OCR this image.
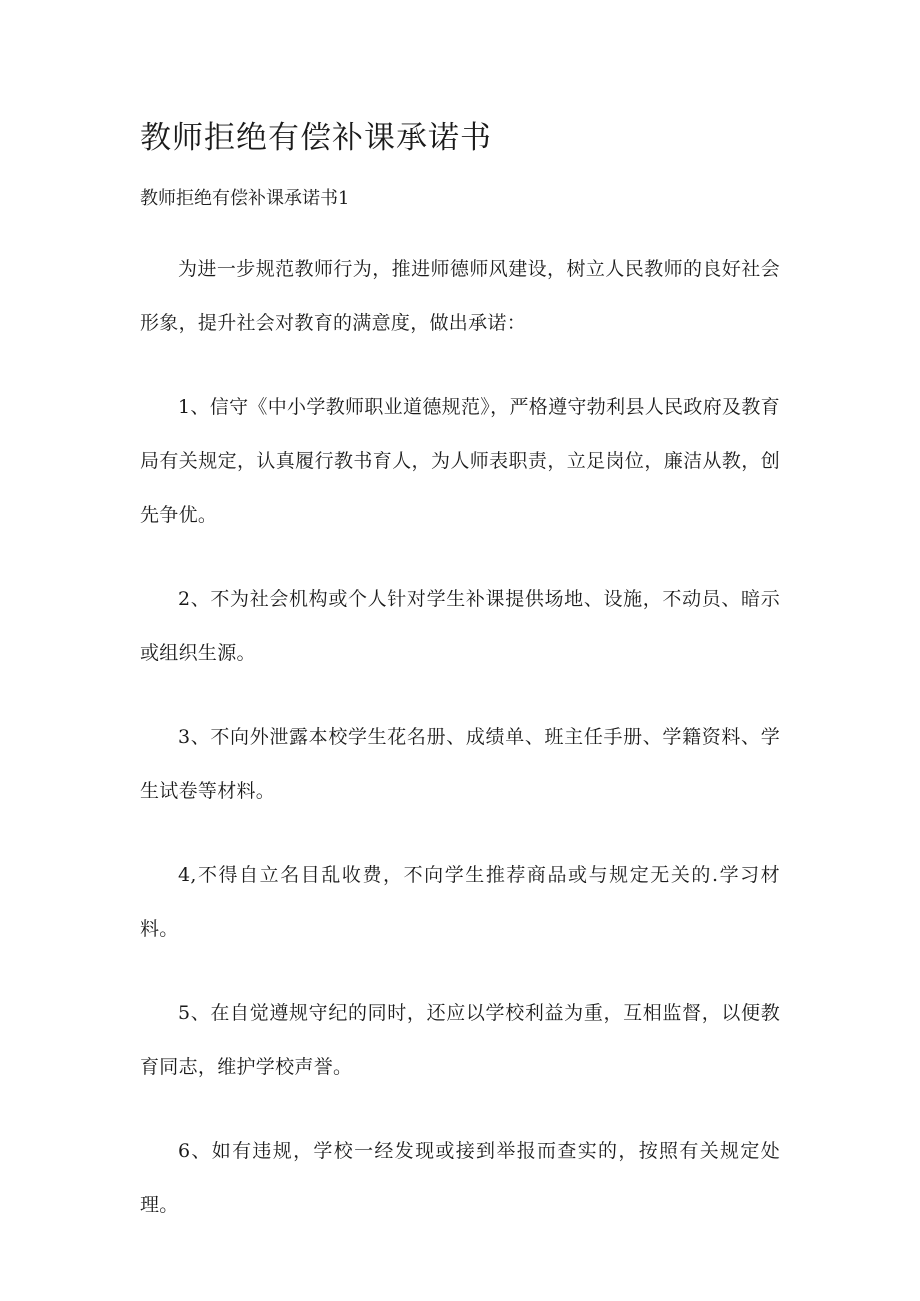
教师拒绝有偿补课承诺书

教师拒绝有偿补课承诺书1

为进一步规范教师行为，推进师德师风建设，树立人民教师的良好社会形象，提升社会对教育的满意度，做出承诺：

1、信守《中小学教师职业道德规范》，严格遵守勃利县人民政府及教育局有关规定，认真履行教书育人，为人师表职责，立足岗位，廉洁从教，创先争优。

2、不为社会机构或个人针对学生补课提供场地、设施，不动员、暗示或组织生源。

3、不向外泄露本校学生花名册、成绩单、班主任手册、学籍资料、学生试卷等材料。

4,不得自立名目乱收费，不向学生推荐商品或与规定无关的.学习材料。

5、在自觉遵规守纪的同时，还应以学校利益为重，互相监督，以便教育同志，维护学校声誉。

6、如有违规，学校一经发现或接到举报而查实的，按照有关规定处理。
